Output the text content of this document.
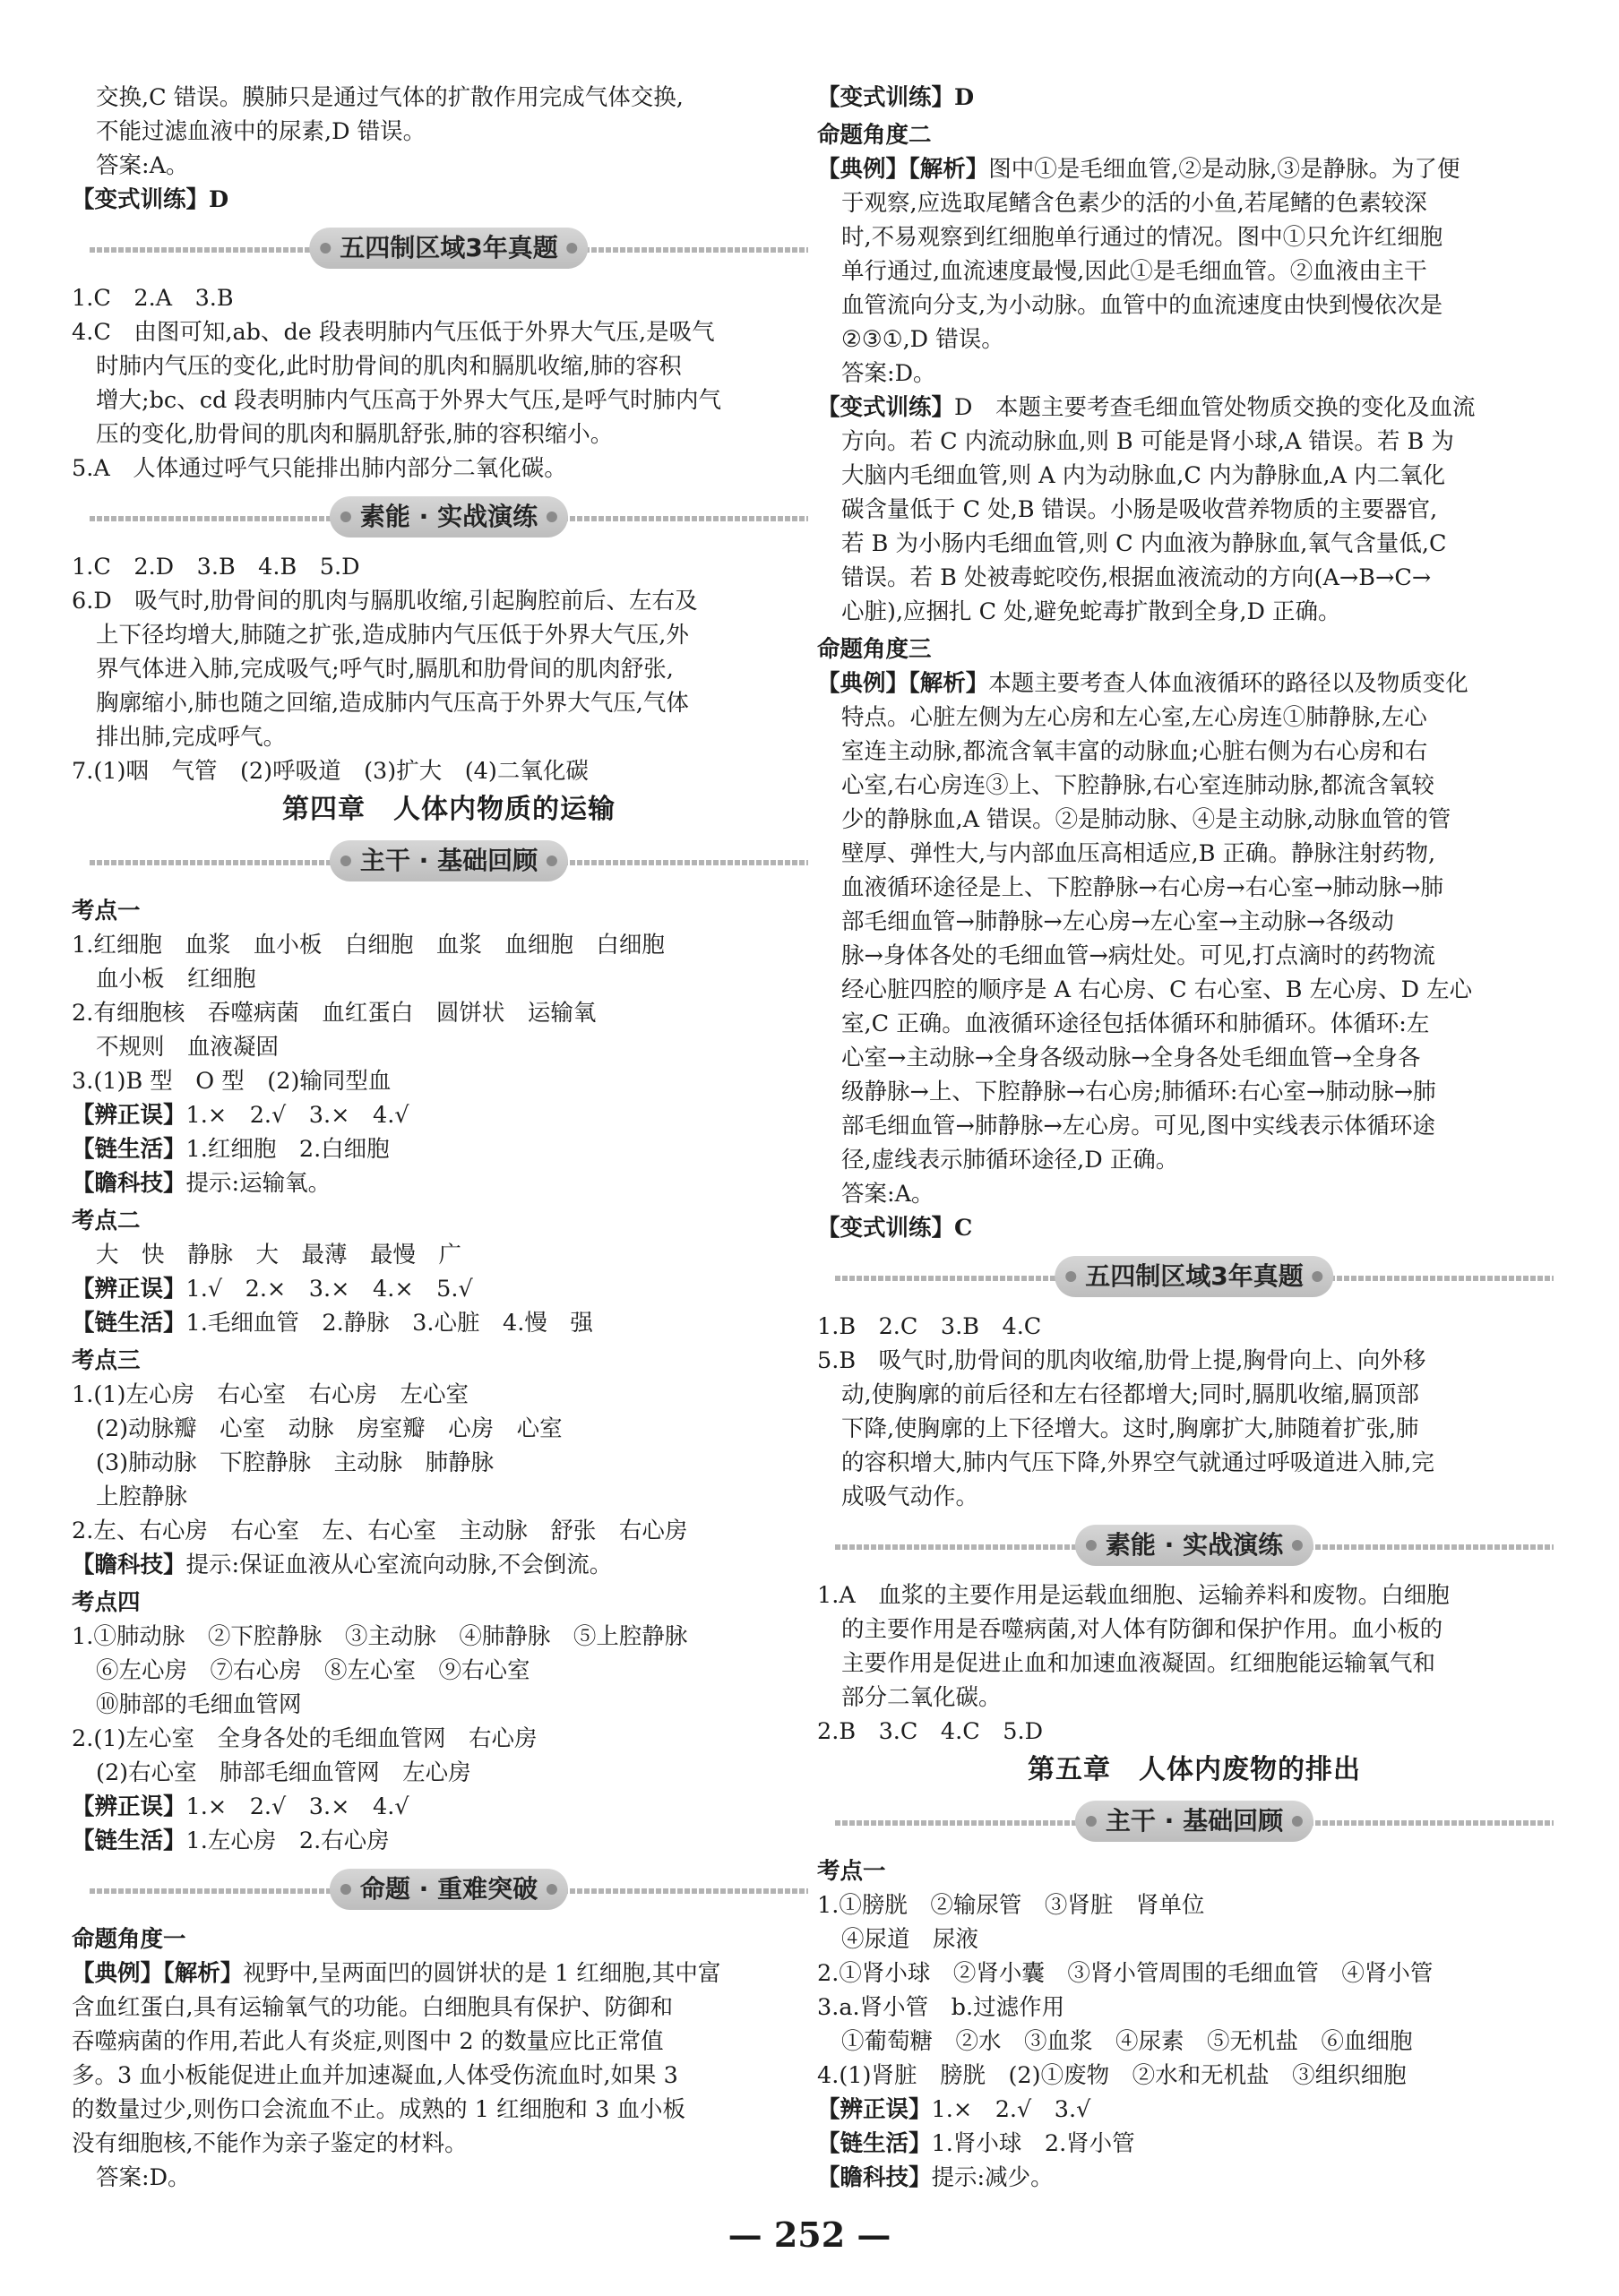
交换,C 错误。膜肺只是通过气体的扩散作用完成气体交换,

不能过滤血液中的尿素,D 错误。

答案:A。

【变式训练】D

五四制区域3年真题

1.C　2.A　3.B

4.C　由图可知,ab、de 段表明肺内气压低于外界大气压,是吸气

时肺内气压的变化,此时肋骨间的肌肉和膈肌收缩,肺的容积

增大;bc、cd 段表明肺内气压高于外界大气压,是呼气时肺内气

压的变化,肋骨间的肌肉和膈肌舒张,肺的容积缩小。

5.A　人体通过呼气只能排出肺内部分二氧化碳。

素能 · 实战演练

1.C　2.D　3.B　4.B　5.D

6.D　吸气时,肋骨间的肌肉与膈肌收缩,引起胸腔前后、左右及

上下径均增大,肺随之扩张,造成肺内气压低于外界大气压,外

界气体进入肺,完成吸气;呼气时,膈肌和肋骨间的肌肉舒张,

胸廓缩小,肺也随之回缩,造成肺内气压高于外界大气压,气体

排出肺,完成呼气。

7.(1)咽　气管　(2)呼吸道　(3)扩大　(4)二氧化碳

第四章　人体内物质的运输

主干 · 基础回顾

考点一

1.红细胞　血浆　血小板　白细胞　血浆　血细胞　白细胞

血小板　红细胞

2.有细胞核　吞噬病菌　血红蛋白　圆饼状　运输氧

不规则　血液凝固

3.(1)B 型　O 型　(2)输同型血

【辨正误】1.×　2.√　3.×　4.√

【链生活】1.红细胞　2.白细胞

【瞻科技】提示:运输氧。

考点二

大　快　静脉　大　最薄　最慢　广

【辨正误】1.√　2.×　3.×　4.×　5.√

【链生活】1.毛细血管　2.静脉　3.心脏　4.慢　强

考点三

1.(1)左心房　右心室　右心房　左心室

(2)动脉瓣　心室　动脉　房室瓣　心房　心室

(3)肺动脉　下腔静脉　主动脉　肺静脉

上腔静脉

2.左、右心房　右心室　左、右心室　主动脉　舒张　右心房

【瞻科技】提示:保证血液从心室流向动脉,不会倒流。

考点四

1.①肺动脉　②下腔静脉　③主动脉　④肺静脉　⑤上腔静脉

⑥左心房　⑦右心房　⑧左心室　⑨右心室

⑩肺部的毛细血管网

2.(1)左心室　全身各处的毛细血管网　右心房

(2)右心室　肺部毛细血管网　左心房

【辨正误】1.×　2.√　3.×　4.√

【链生活】1.左心房　2.右心房

命题 · 重难突破

命题角度一

【典例】【解析】视野中,呈两面凹的圆饼状的是 1 红细胞,其中富

含血红蛋白,具有运输氧气的功能。白细胞具有保护、防御和

吞噬病菌的作用,若此人有炎症,则图中 2 的数量应比正常值

多。3 血小板能促进止血并加速凝血,人体受伤流血时,如果 3

的数量过少,则伤口会流血不止。成熟的 1 红细胞和 3 血小板

没有细胞核,不能作为亲子鉴定的材料。

答案:D。

【变式训练】D

命题角度二

【典例】【解析】图中①是毛细血管,②是动脉,③是静脉。为了便

于观察,应选取尾鳍含色素少的活的小鱼,若尾鳍的色素较深

时,不易观察到红细胞单行通过的情况。图中①只允许红细胞

单行通过,血流速度最慢,因此①是毛细血管。②血液由主干

血管流向分支,为小动脉。血管中的血流速度由快到慢依次是

②③①,D 错误。

答案:D。

【变式训练】D　本题主要考查毛细血管处物质交换的变化及血流

方向。若 C 内流动脉血,则 B 可能是肾小球,A 错误。若 B 为

大脑内毛细血管,则 A 内为动脉血,C 内为静脉血,A 内二氧化

碳含量低于 C 处,B 错误。小肠是吸收营养物质的主要器官,

若 B 为小肠内毛细血管,则 C 内血液为静脉血,氧气含量低,C

错误。若 B 处被毒蛇咬伤,根据血液流动的方向(A→B→C→

心脏),应捆扎 C 处,避免蛇毒扩散到全身,D 正确。

命题角度三

【典例】【解析】本题主要考查人体血液循环的路径以及物质变化

特点。心脏左侧为左心房和左心室,左心房连①肺静脉,左心

室连主动脉,都流含氧丰富的动脉血;心脏右侧为右心房和右

心室,右心房连③上、下腔静脉,右心室连肺动脉,都流含氧较

少的静脉血,A 错误。②是肺动脉、④是主动脉,动脉血管的管

壁厚、弹性大,与内部血压高相适应,B 正确。静脉注射药物,

血液循环途径是上、下腔静脉→右心房→右心室→肺动脉→肺

部毛细血管→肺静脉→左心房→左心室→主动脉→各级动

脉→身体各处的毛细血管→病灶处。可见,打点滴时的药物流

经心脏四腔的顺序是 A 右心房、C 右心室、B 左心房、D 左心

室,C 正确。血液循环途径包括体循环和肺循环。体循环:左

心室→主动脉→全身各级动脉→全身各处毛细血管→全身各

级静脉→上、下腔静脉→右心房;肺循环:右心室→肺动脉→肺

部毛细血管→肺静脉→左心房。可见,图中实线表示体循环途

径,虚线表示肺循环途径,D 正确。

答案:A。

【变式训练】C

五四制区域3年真题

1.B　2.C　3.B　4.C

5.B　吸气时,肋骨间的肌肉收缩,肋骨上提,胸骨向上、向外移

动,使胸廓的前后径和左右径都增大;同时,膈肌收缩,膈顶部

下降,使胸廓的上下径增大。这时,胸廓扩大,肺随着扩张,肺

的容积增大,肺内气压下降,外界空气就通过呼吸道进入肺,完

成吸气动作。

素能 · 实战演练

1.A　血浆的主要作用是运载血细胞、运输养料和废物。白细胞

的主要作用是吞噬病菌,对人体有防御和保护作用。血小板的

主要作用是促进止血和加速血液凝固。红细胞能运输氧气和

部分二氧化碳。

2.B　3.C　4.C　5.D

第五章　人体内废物的排出

主干 · 基础回顾

考点一

1.①膀胱　②输尿管　③肾脏　肾单位

④尿道　尿液

2.①肾小球　②肾小囊　③肾小管周围的毛细血管　④肾小管

3.a.肾小管　b.过滤作用

①葡萄糖　②水　③血浆　④尿素　⑤无机盐　⑥血细胞

4.(1)肾脏　膀胱　(2)①废物　②水和无机盐　③组织细胞

【辨正误】1.×　2.√　3.√

【链生活】1.肾小球　2.肾小管

【瞻科技】提示:减少。

— 252 —
